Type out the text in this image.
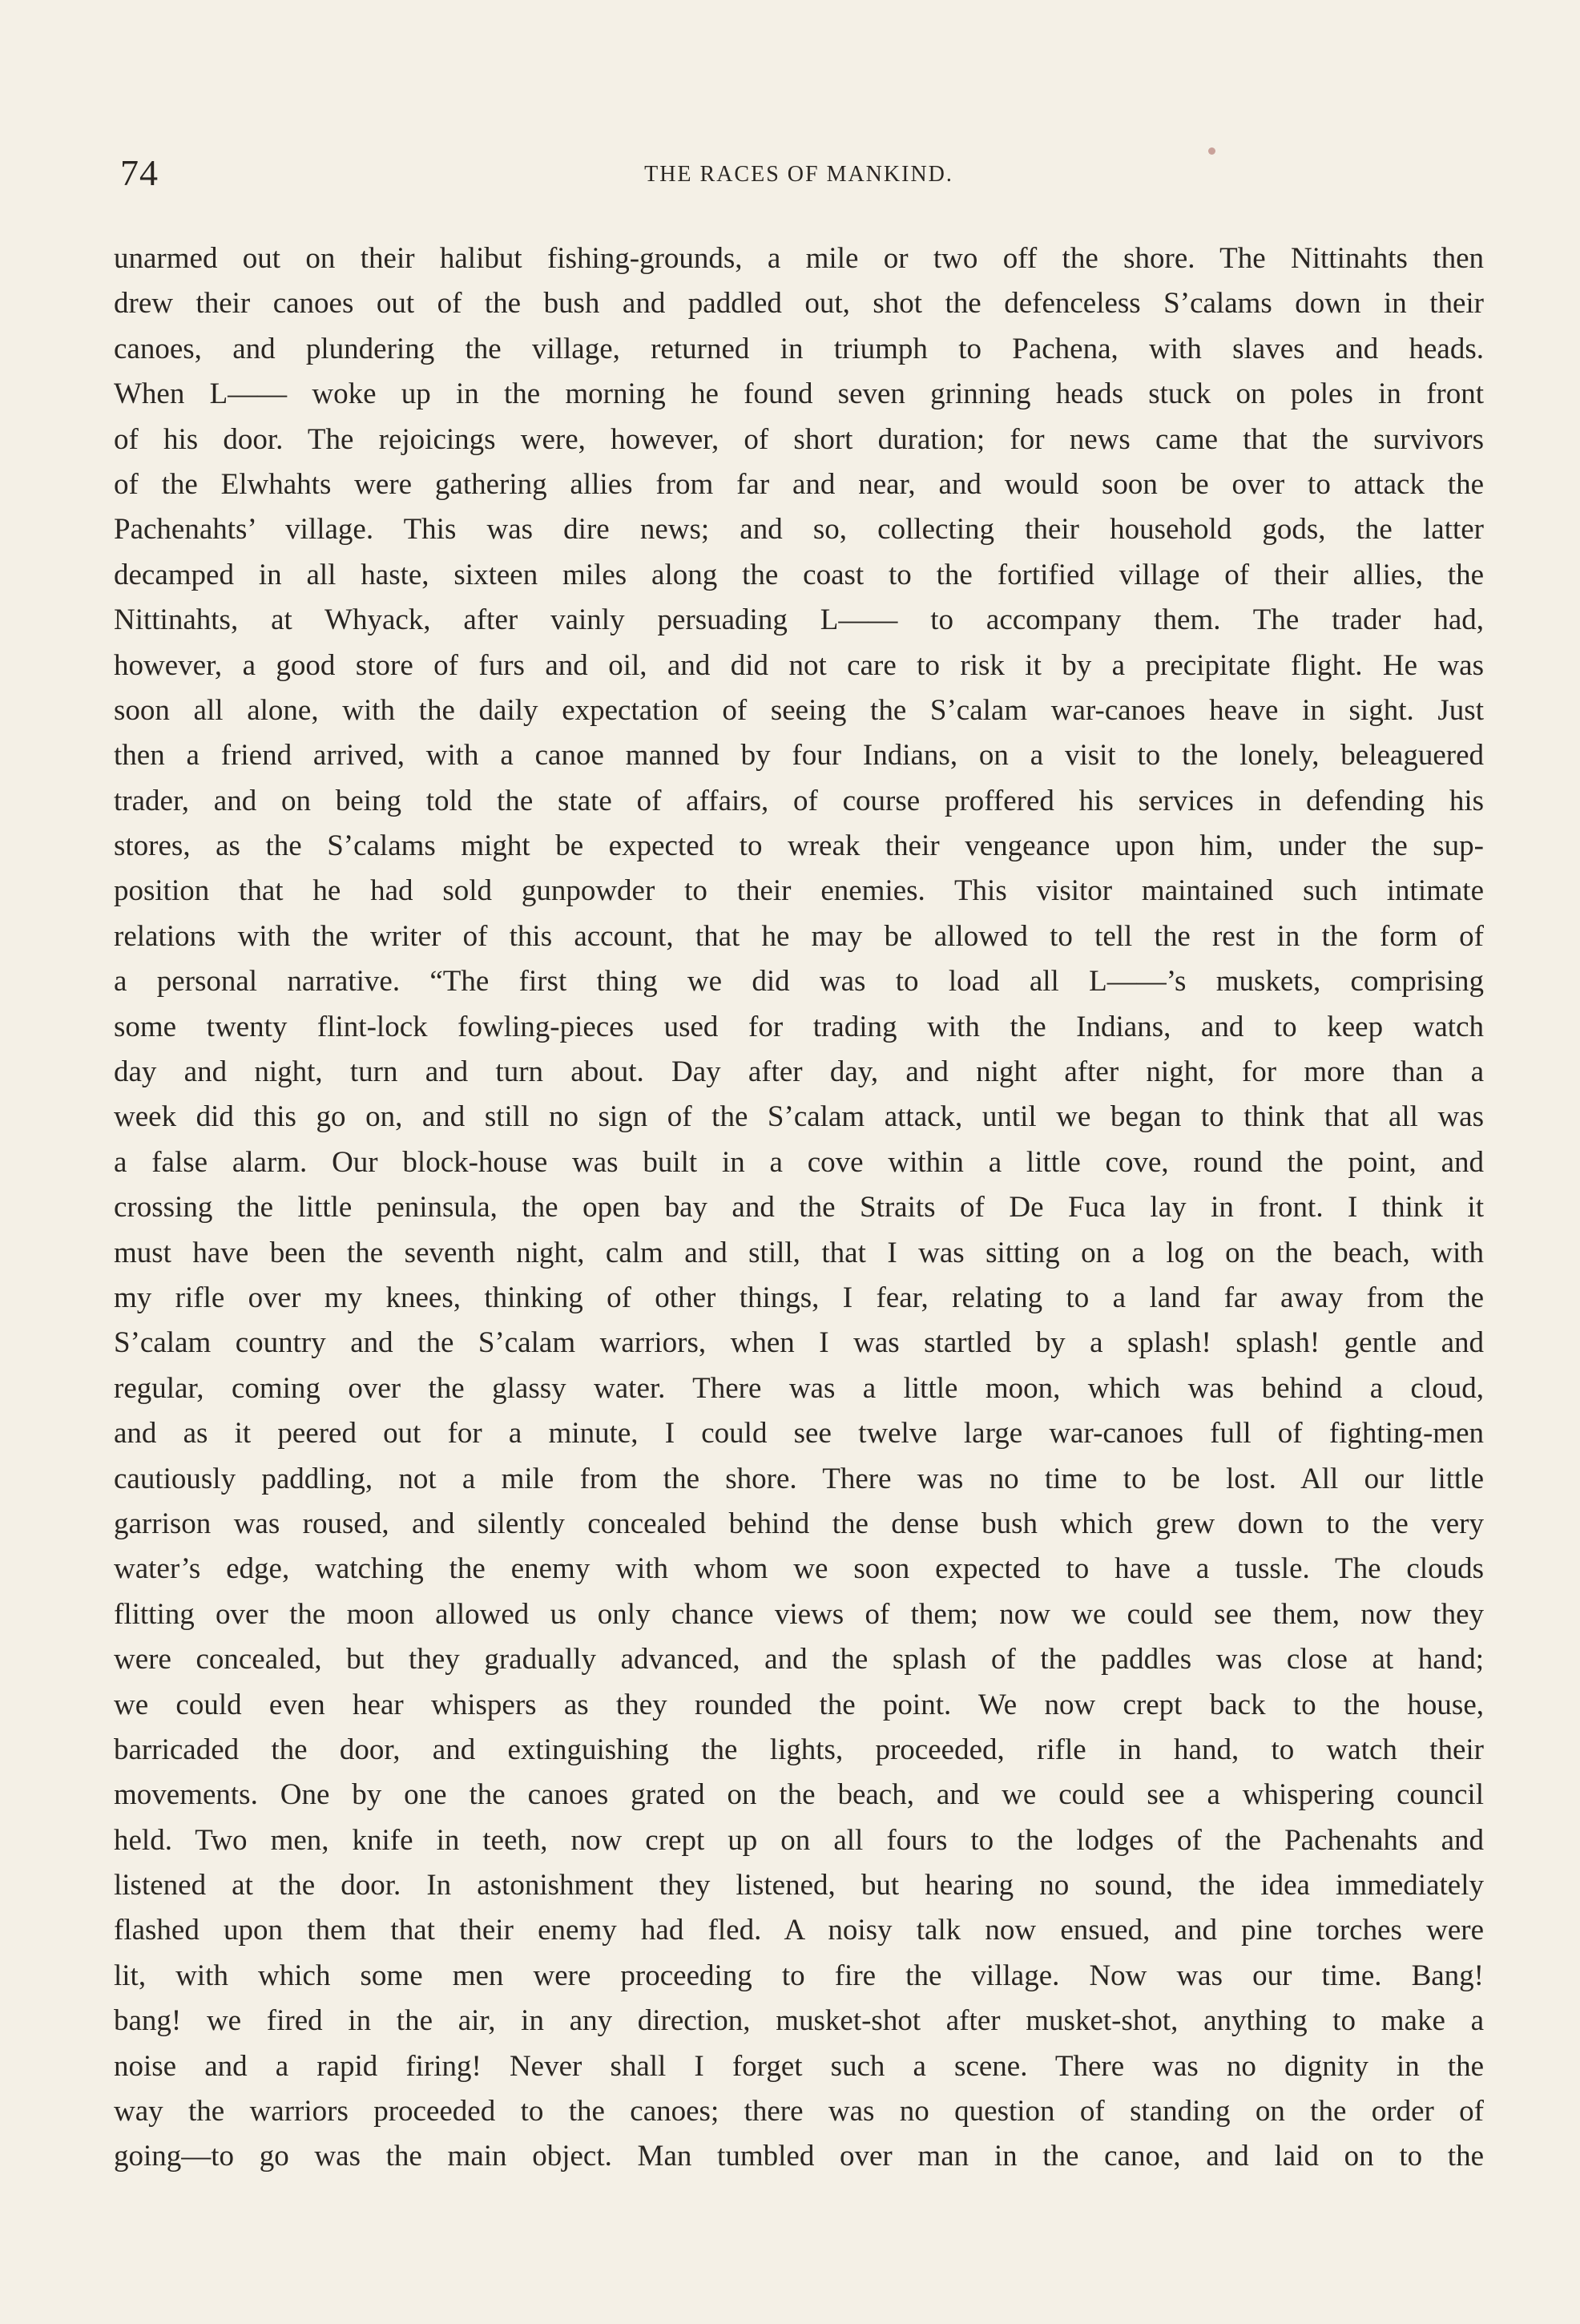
74	THE RACES OF MANKIND.
unarmed out on their halibut fishing-grounds, a mile or two off the shore. The Nittinahts then
drew their canoes out of the bush and paddled out, shot the defenceless S’calams down in their
canoes, and plundering the village, returned in triumph to Pachena, with slaves and heads.
When L—— woke up in the morning he found seven grinning heads stuck on poles in front
of his door. The rejoicings were, however, of short duration; for news came that the survivors
of the Elwhahts were gathering allies from far and near, and would soon be over to attack the
Pachenahts’ village. This was dire news; and so, collecting their household gods, the latter
decamped in all haste, sixteen miles along the coast to the fortified village of their allies, the
Nittinahts, at Whyack, after vainly persuading L—— to accompany them. The trader had,
however, a good store of furs and oil, and did not care to risk it by a precipitate flight. He was
soon all alone, with the daily expectation of seeing the S’calam war-canoes heave in sight. Just
then a friend arrived, with a canoe manned by four Indians, on a visit to the lonely, beleaguered
trader, and on being told the state of affairs, of course proffered his services in defending his
stores, as the S’calams might be expected to wreak their vengeance upon him, under the sup-
position that he had sold gunpowder to their enemies. This visitor maintained such intimate
relations with the writer of this account, that he may be allowed to tell the rest in the form of
a personal narrative. “The first thing we did was to load all L——’s muskets, comprising
some twenty flint-lock fowling-pieces used for trading with the Indians, and to keep watch
day and night, turn and turn about. Day after day, and night after night, for more than a
week did this go on, and still no sign of the S’calam attack, until we began to think that all was
a false alarm. Our block-house was built in a cove within a little cove, round the point, and
crossing the little peninsula, the open bay and the Straits of De Fuca lay in front. I think it
must have been the seventh night, calm and still, that I was sitting on a log on the beach, with
my rifle over my knees, thinking of other things, I fear, relating to a land far away from the
S’calam country and the S’calam warriors, when I was startled by a splash! splash! gentle and
regular, coming over the glassy water. There was a little moon, which was behind a cloud,
and as it peered out for a minute, I could see twelve large war-canoes full of fighting-men
cautiously paddling, not a mile from the shore. There was no time to be lost. All our little
garrison was roused, and silently concealed behind the dense bush which grew down to the very
water’s edge, watching the enemy with whom we soon expected to have a tussle. The clouds
flitting over the moon allowed us only chance views of them; now we could see them, now they
were concealed, but they gradually advanced, and the splash of the paddles was close at hand;
we could even hear whispers as they rounded the point. We now crept back to the house,
barricaded the door, and extinguishing the lights, proceeded, rifle in hand, to watch their
movements. One by one the canoes grated on the beach, and we could see a whispering council
held. Two men, knife in teeth, now crept up on all fours to the lodges of the Pachenahts and
listened at the door. In astonishment they listened, but hearing no sound, the idea immediately
flashed upon them that their enemy had fled. A noisy talk now ensued, and pine torches were
lit, with which some men were proceeding to fire the village. Now was our time. Bang!
bang! we fired in the air, in any direction, musket-shot after musket-shot, anything to make a
noise and a rapid firing! Never shall I forget such a scene. There was no dignity in the
way the warriors proceeded to the canoes; there was no question of standing on the order of
going—to go was the main object. Man tumbled over man in the canoe, and laid on to the
